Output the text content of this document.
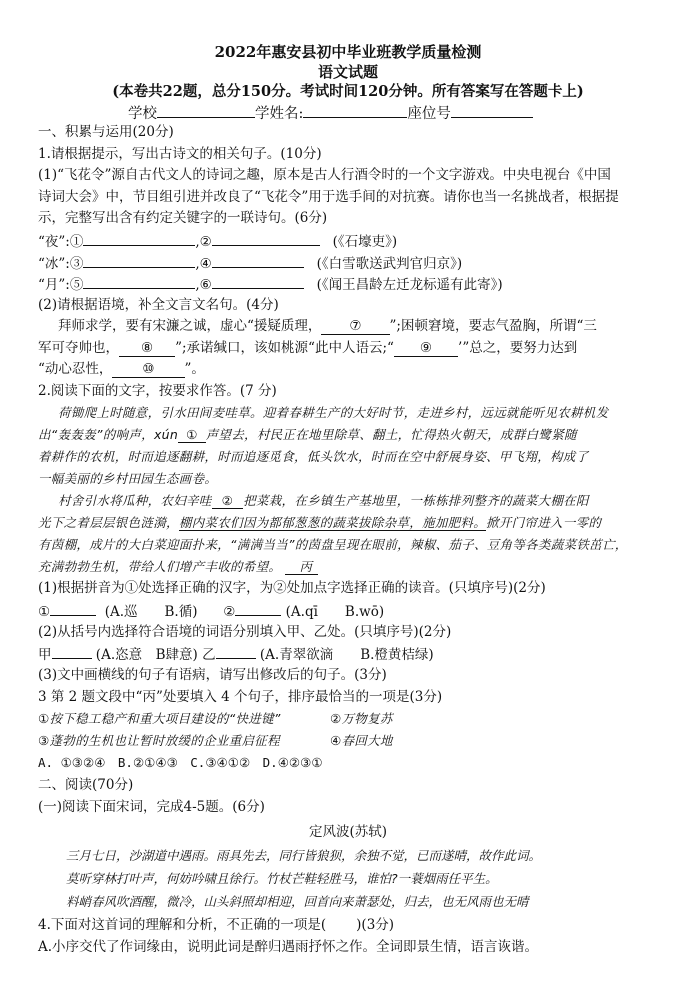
2022年惠安县初中毕业班教学质量检测
语文试题
(本卷共22题，总分150分。考试时间120分钟。所有答案写在答题卡上)
学校	学姓名:	座位号
一、积累与运用(20分)
1.请根据提示，写出古诗文的相关句子。(10分)
(1)“飞花令”源自古代文人的诗词之趣，原本是古人行酒令时的一个文字游戏。中央电视台《中国
诗词大会》中，节目组引进并改良了“飞花令”用于选手间的对抗赛。请你也当一名挑战者，根据提
示，完整写出含有约定关键字的一联诗句。(6分)
“夜”:①	,②	(《石壕吏》)
“冰”:③	,④	(《白雪歌送武判官归京》)
“月”:⑤	,⑥	(《闻王昌龄左迁龙标遥有此寄》)
(2)请根据语境，补全文言文名句。(4分)
拜师求学，要有宋濂之诚，虚心“援疑质理， ⑦ ”;困顿窘境，要志气盈胸，所谓“三
军可夺帅也， ⑧ ”;承诺缄口，该如桃源“此中人语云;“ ⑨ ’”总之，要努力达到
“动心忍性， ⑩ ”。
2.阅读下面的文字，按要求作答。(7 分)
荷锄爬上时随意，引水田间麦哇草。迎着春耕生产的大好时节，走进乡村，远远就能听见农耕机发
出“轰轰轰”的响声，xún ① 声望去，村民正在地里除草、翻土，忙得热火朝天，成群白鹭紧随
着耕作的农机，时而追逐翻耕，时而追逐觅食，低头饮水，时而在空中舒展身姿、甲飞翔，构成了
一幅美丽的乡村田园生态画卷。
村舍引水将瓜种，农妇辛哇 ② 把菜栽，在乡镇生产基地里，一栋栋排列整齐的蔬菜大棚在阳
光下之着层层银色涟漪，棚内菜农们因为都郁葱葱的蔬菜拔除杂草，施加肥料。掀开门帘进入一零的
有茵棚，成片的大白菜迎面扑来，“满满当当”的茵盘呈现在眼前，辣椒、茄子、豆角等各类蔬菜铁茁亡，
充满勃勃生机，带给人们增产丰收的希望。 丙
(1)根据拼音为①处选择正确的汉字，为②处加点字选择正确的读音。(只填序号)(2分)
①	(A.巡　　B.循) ②	(A.qī　　B.wō)
(2)从括号内选择符合语境的词语分别填入甲、乙处。(只填序号)(2分)
甲	(A.恣意　B肆意) 乙	(A.青翠欲滴　　B.橙黄桔绿)
(3)文中画横线的句子有语病，请写出修改后的句子。(3分)
3 第 2 题文段中“丙”处要填入 4 个句子，排序最恰当的一项是(3分)
①按下稳工稳产和重大项目建设的“快进键”	②万物复苏
③蓬勃的生机也让暂时放缓的企业重启征程	④春回大地
A. ①③②④　B.②①④③　C.③④①②　D.④②③①
二、阅读(70分)
(一)阅读下面宋词，完成4-5题。(6分)
定风波(苏轼)
三月七日，沙湖道中遇雨。雨具先去，同行皆狼狈，余独不觉，已而遂晴，故作此词。
莫听穿林打叶声，何妨吟啸且徐行。竹杖芒鞋轻胜马，谁怕?一蓑烟雨任平生。
料峭春风吹酒醒，微冷，山头斜照却相迎，回首向来萧瑟处，归去，也无风雨也无晴
4.下面对这首词的理解和分析，不正确的一项是( )(3分)
A.小序交代了作词缘由，说明此词是醉归遇雨抒怀之作。全词即景生情，语言诙谐。
